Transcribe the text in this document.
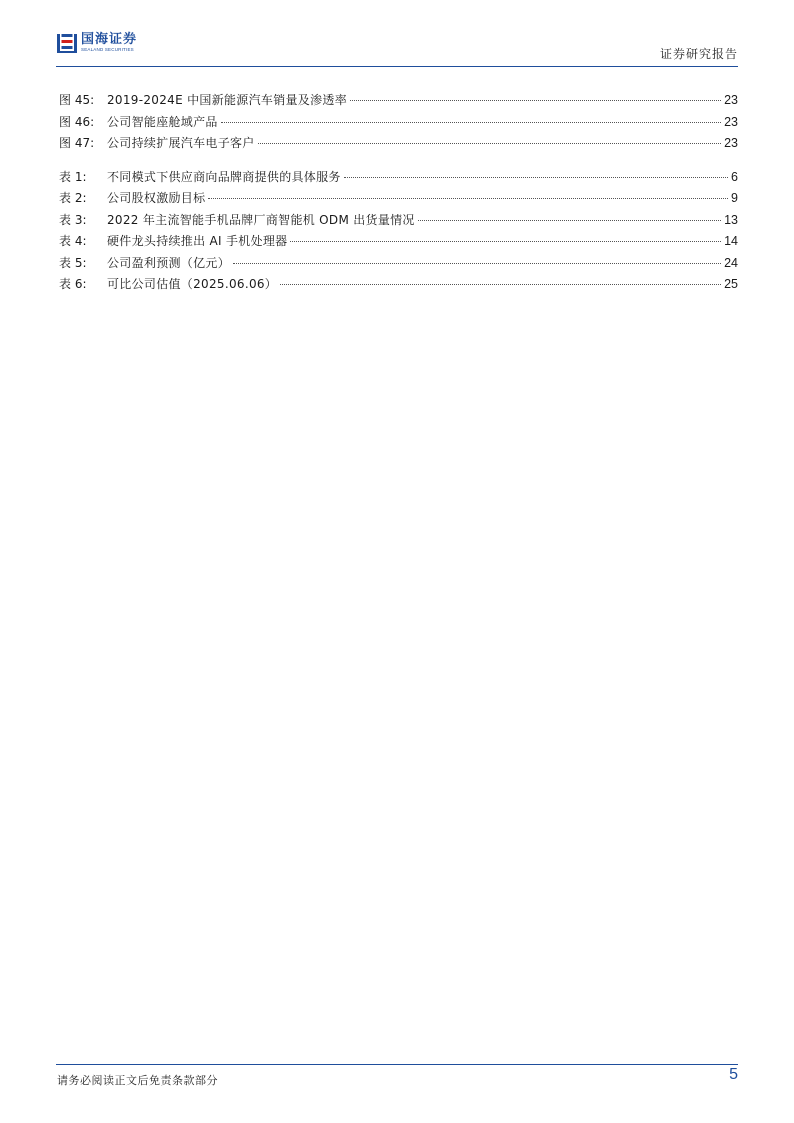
国海证券
SEALAND SECURITIES	证券研究报告
图 45:	2019-2024E 中国新能源汽车销量及渗透率	23
图 46:	公司智能座舱域产品	23
图 47:	公司持续扩展汽车电子客户	23
表 1:	不同模式下供应商向品牌商提供的具体服务	6
表 2:	公司股权激励目标	9
表 3:	2022 年主流智能手机品牌厂商智能机 ODM 出货量情况	13
表 4:	硬件龙头持续推出 AI 手机处理器	14
表 5:	公司盈利预测（亿元）	24
表 6:	可比公司估值（2025.06.06）	25
请务必阅读正文后免责条款部分	5
